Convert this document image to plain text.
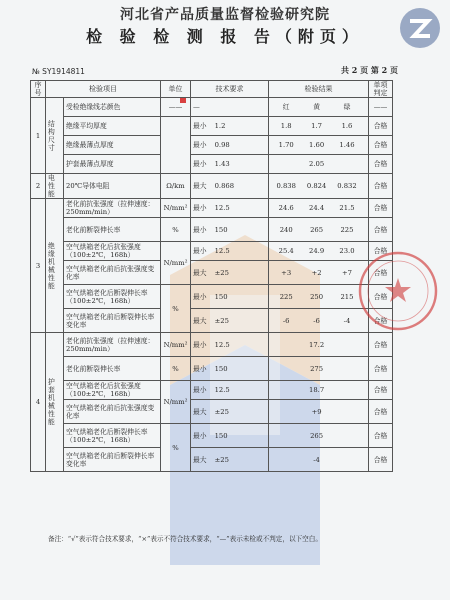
河北省产品质量监督检验研究院
检 验 检 测 报 告（附页）
№ SY1914811	共 2 页 第 2 页
序号	检验项目		单位	技术要求	检验结果	单项判定
1	结构尺寸	受检绝缘线芯颜色	——	—	红 黄 绿	——
		绝缘平均厚度		最小 1.2	1.8 1.7 1.6	合格
		绝缘最薄点厚度		最小 0.98	1.70 1.60 1.46	合格
		护套最薄点厚度		最小 1.43	2.05	合格
2	电性能	20℃导体电阻	Ω/km	最大 0.868	0.838 0.824 0.832	合格
3	绝缘机械性能	老化前抗张强度（拉伸速度：250mm/min）	N/mm²	最小 12.5	24.6 24.4 21.5	合格
		老化前断裂伸长率	%	最小 150	240 265 225	合格
		空气烘箱老化后抗张强度（100±2℃，168h）	N/mm²	最小 12.5	25.4 24.9 23.0	合格
		空气烘箱老化前后抗张强度变化率		最大 ±25	+3 +2 +7	合格
		空气烘箱老化后断裂伸长率（100±2℃，168h）	%	最小 150	225 250 215	合格
		空气烘箱老化前后断裂伸长率变化率		最大 ±25	-6 -6 -4	合格
4	护套机械性能	老化前抗张强度（拉伸速度：250mm/min）	N/mm²	最小 12.5	17.2	合格
		老化前断裂伸长率	%	最小 150	275	合格
		空气烘箱老化后抗张强度（100±2℃，168h）	N/mm²	最小 12.5	18.7	合格
		空气烘箱老化前后抗张强度变化率		最大 ±25	+9	合格
		空气烘箱老化后断裂伸长率（100±2℃，168h）	%	最小 150	265	合格
		空气烘箱老化前后断裂伸长率变化率		最大 ±25	-4	合格
备注：“√”表示符合技术要求，“×”表示不符合技术要求，“—”表示未检或不判定，以下空白。
